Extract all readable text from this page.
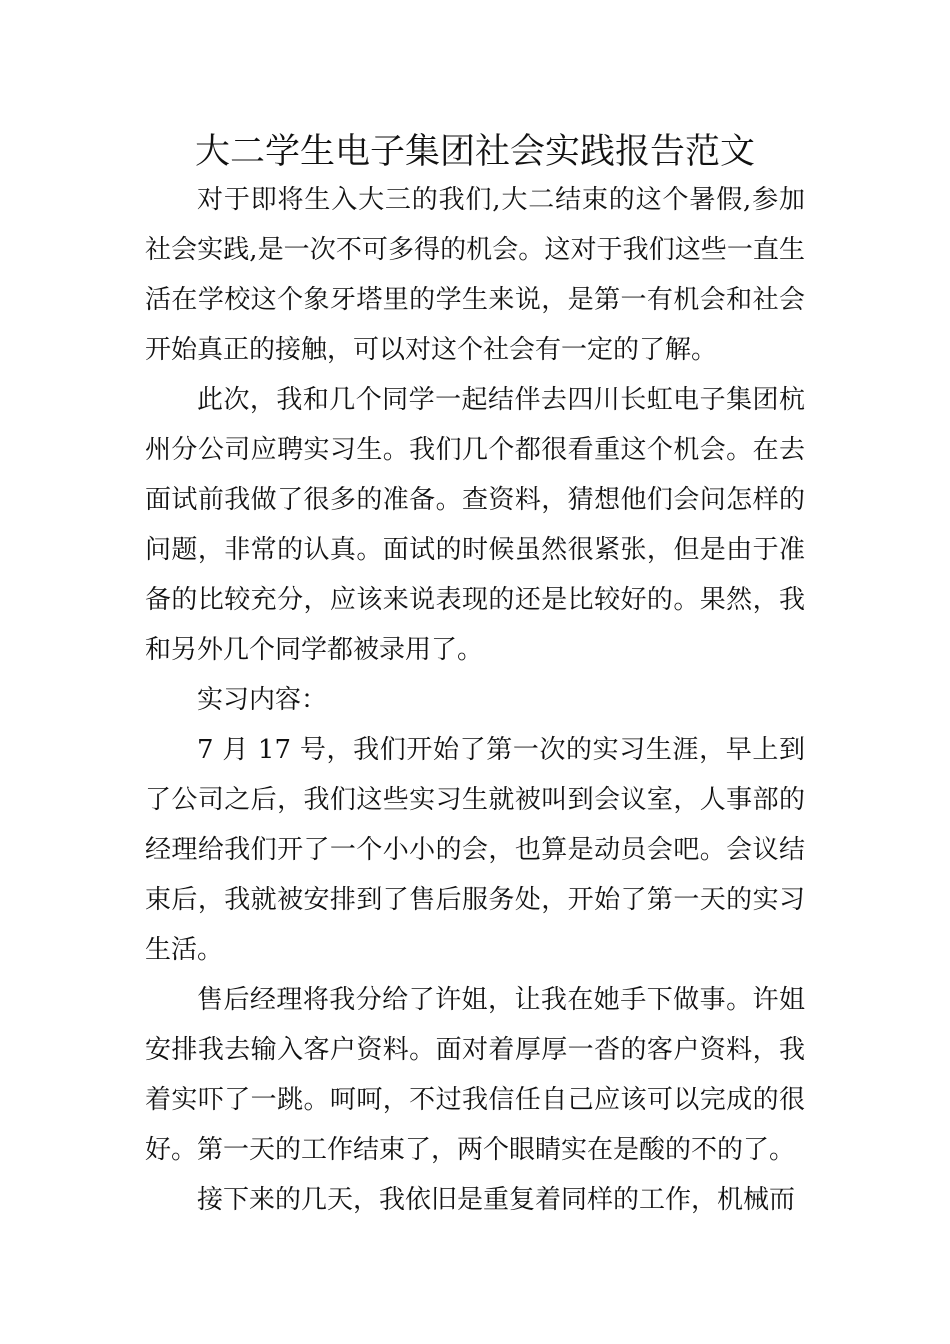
大二学生电子集团社会实践报告范文

对于即将生入大三的我们,大二结束的这个暑假,参加社会实践,是一次不可多得的机会。这对于我们这些一直生活在学校这个象牙塔里的学生来说，是第一有机会和社会开始真正的接触，可以对这个社会有一定的了解。

此次，我和几个同学一起结伴去四川长虹电子集团杭州分公司应聘实习生。我们几个都很看重这个机会。在去面试前我做了很多的准备。查资料，猜想他们会问怎样的问题，非常的认真。面试的时候虽然很紧张，但是由于准备的比较充分，应该来说表现的还是比较好的。果然，我和另外几个同学都被录用了。

实习内容：

7 月 17 号，我们开始了第一次的实习生涯，早上到了公司之后，我们这些实习生就被叫到会议室，人事部的经理给我们开了一个小小的会，也算是动员会吧。会议结束后，我就被安排到了售后服务处，开始了第一天的实习生活。

售后经理将我分给了许姐，让我在她手下做事。许姐安排我去输入客户资料。面对着厚厚一沓的客户资料，我着实吓了一跳。呵呵，不过我信任自己应该可以完成的很好。第一天的工作结束了，两个眼睛实在是酸的不的了。

接下来的几天，我依旧是重复着同样的工作，机械而
